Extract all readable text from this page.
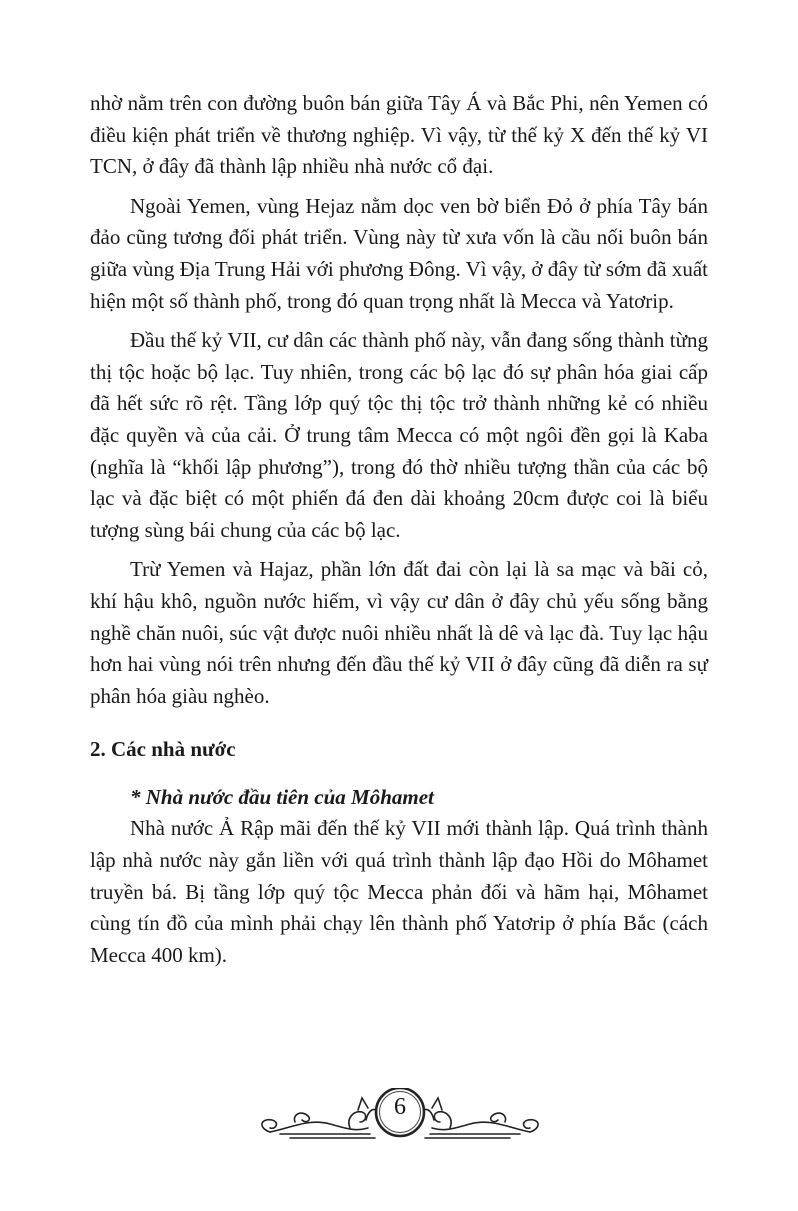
nhờ nằm trên con đường buôn bán giữa Tây Á và Bắc Phi, nên Yemen có điều kiện phát triển về thương nghiệp. Vì vậy, từ thế kỷ X đến thế kỷ VI TCN, ở đây đã thành lập nhiều nhà nước cổ đại.

Ngoài Yemen, vùng Hejaz nằm dọc ven bờ biển Đỏ ở phía Tây bán đảo cũng tương đối phát triển. Vùng này từ xưa vốn là cầu nối buôn bán giữa vùng Địa Trung Hải với phương Đông. Vì vậy, ở đây từ sớm đã xuất hiện một số thành phố, trong đó quan trọng nhất là Mecca và Yatơrip.

Đầu thế kỷ VII, cư dân các thành phố này, vẫn đang sống thành từng thị tộc hoặc bộ lạc. Tuy nhiên, trong các bộ lạc đó sự phân hóa giai cấp đã hết sức rõ rệt. Tầng lớp quý tộc thị tộc trở thành những kẻ có nhiều đặc quyền và của cải. Ở trung tâm Mecca có một ngôi đền gọi là Kaba (nghĩa là “khối lập phương”), trong đó thờ nhiều tượng thần của các bộ lạc và đặc biệt có một phiến đá đen dài khoảng 20cm được coi là biểu tượng sùng bái chung của các bộ lạc.

Trừ Yemen và Hajaz, phần lớn đất đai còn lại là sa mạc và bãi cỏ, khí hậu khô, nguồn nước hiếm, vì vậy cư dân ở đây chủ yếu sống bằng nghề chăn nuôi, súc vật được nuôi nhiều nhất là dê và lạc đà. Tuy lạc hậu hơn hai vùng nói trên nhưng đến đầu thế kỷ VII ở đây cũng đã diễn ra sự phân hóa giàu nghèo.

2. Các nhà nước

* Nhà nước đầu tiên của Môhamet

Nhà nước Ả Rập mãi đến thế kỷ VII mới thành lập. Quá trình thành lập nhà nước này gắn liền với quá trình thành lập đạo Hồi do Môhamet truyền bá. Bị tầng lớp quý tộc Mecca phản đối và hãm hại, Môhamet cùng tín đồ của mình phải chạy lên thành phố Yatơrip ở phía Bắc (cách Mecca 400 km).

6
